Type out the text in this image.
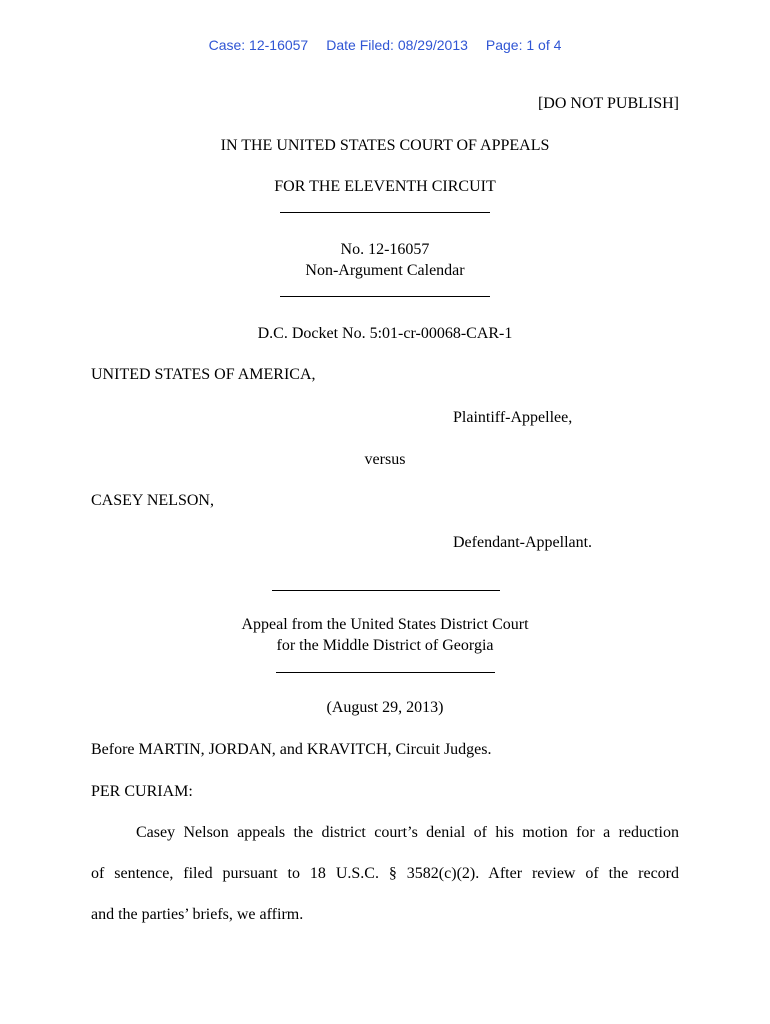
Case: 12-16057 Date Filed: 08/29/2013 Page: 1 of 4
[DO NOT PUBLISH]
IN THE UNITED STATES COURT OF APPEALS
FOR THE ELEVENTH CIRCUIT
No. 12-16057
Non-Argument Calendar
D.C. Docket No. 5:01-cr-00068-CAR-1
UNITED STATES OF AMERICA,
Plaintiff-Appellee,
versus
CASEY NELSON,
Defendant-Appellant.
Appeal from the United States District Court
for the Middle District of Georgia
(August 29, 2013)
Before MARTIN, JORDAN, and KRAVITCH, Circuit Judges.
PER CURIAM:
Casey Nelson appeals the district court’s denial of his motion for a reduction
of sentence, filed pursuant to 18 U.S.C. § 3582(c)(2). After review of the record
and the parties’ briefs, we affirm.
